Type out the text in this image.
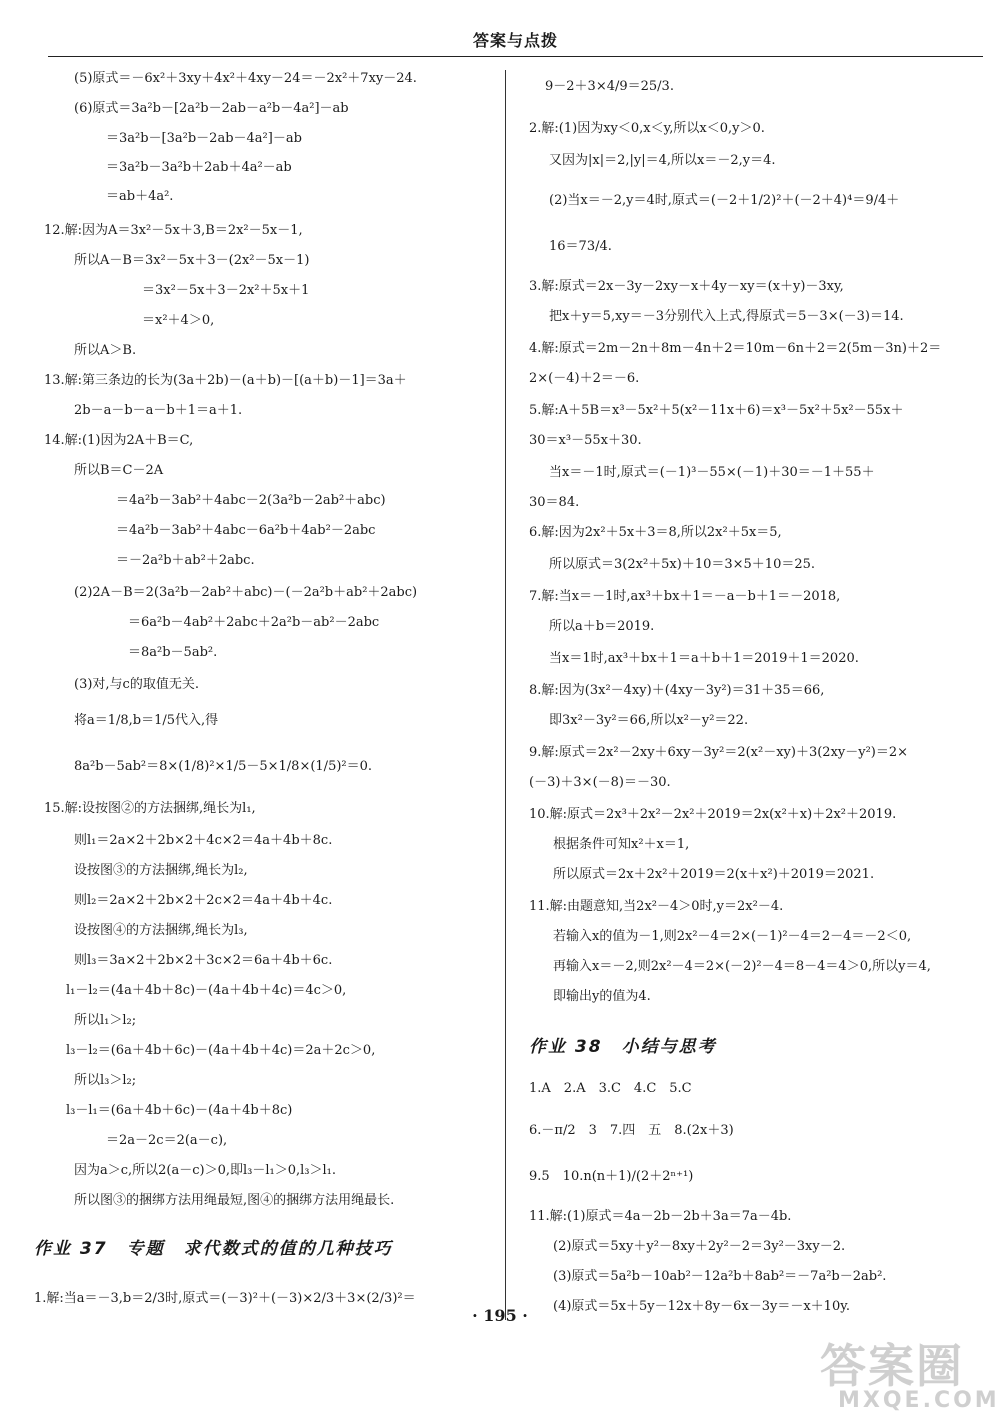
答案与点拨
(5)原式＝－6x²＋3xy＋4x²＋4xy－24＝－2x²＋7xy－24.
(6)原式＝3a²b－[2a²b－2ab－a²b－4a²]－ab
＝3a²b－[3a²b－2ab－4a²]－ab
＝3a²b－3a²b＋2ab＋4a²－ab
＝ab＋4a².
12.解:因为A＝3x²－5x＋3,B＝2x²－5x－1,
所以A－B＝3x²－5x＋3－(2x²－5x－1)
＝3x²－5x＋3－2x²＋5x＋1
＝x²＋4＞0,
所以A＞B.
13.解:第三条边的长为(3a＋2b)－(a＋b)－[(a＋b)－1]＝3a＋
2b－a－b－a－b＋1＝a＋1.
14.解:(1)因为2A＋B＝C,
所以B＝C－2A
＝4a²b－3ab²＋4abc－2(3a²b－2ab²＋abc)
＝4a²b－3ab²＋4abc－6a²b＋4ab²－2abc
＝－2a²b＋ab²＋2abc.
(2)2A－B＝2(3a²b－2ab²＋abc)－(－2a²b＋ab²＋2abc)
＝6a²b－4ab²＋2abc＋2a²b－ab²－2abc
＝8a²b－5ab².
(3)对,与c的取值无关.
将a＝1/8,b＝1/5代入,得
8a²b－5ab²＝8×(1/8)²×1/5－5×1/8×(1/5)²＝0.
15.解:设按图②的方法捆绑,绳长为l₁,
则l₁＝2a×2＋2b×2＋4c×2＝4a＋4b＋8c.
设按图③的方法捆绑,绳长为l₂,
则l₂＝2a×2＋2b×2＋2c×2＝4a＋4b＋4c.
设按图④的方法捆绑,绳长为l₃,
则l₃＝3a×2＋2b×2＋3c×2＝6a＋4b＋6c.
l₁－l₂＝(4a＋4b＋8c)－(4a＋4b＋4c)＝4c＞0,
所以l₁＞l₂;
l₃－l₂＝(6a＋4b＋6c)－(4a＋4b＋4c)＝2a＋2c＞0,
所以l₃＞l₂;
l₃－l₁＝(6a＋4b＋6c)－(4a＋4b＋8c)
＝2a－2c＝2(a－c),
因为a＞c,所以2(a－c)＞0,即l₃－l₁＞0,l₃＞l₁.
所以图③的捆绑方法用绳最短,图④的捆绑方法用绳最长.
作业 37　专题　求代数式的值的几种技巧
1.解:当a＝－3,b＝2/3时,原式＝(－3)²＋(－3)×2/3＋3×(2/3)²＝
9－2＋3×4/9＝25/3.
2.解:(1)因为xy＜0,x＜y,所以x＜0,y＞0.
又因为|x|＝2,|y|＝4,所以x＝－2,y＝4.
(2)当x＝－2,y＝4时,原式＝(－2＋1/2)²＋(－2＋4)⁴＝9/4＋
16＝73/4.
3.解:原式＝2x－3y－2xy－x＋4y－xy＝(x＋y)－3xy,
把x＋y＝5,xy＝－3分别代入上式,得原式＝5－3×(－3)＝14.
4.解:原式＝2m－2n＋8m－4n＋2＝10m－6n＋2＝2(5m－3n)＋2＝
2×(－4)＋2＝－6.
5.解:A＋5B＝x³－5x²＋5(x²－11x＋6)＝x³－5x²＋5x²－55x＋
30＝x³－55x＋30.
当x＝－1时,原式＝(－1)³－55×(－1)＋30＝－1＋55＋
30＝84.
6.解:因为2x²＋5x＋3＝8,所以2x²＋5x＝5,
所以原式＝3(2x²＋5x)＋10＝3×5＋10＝25.
7.解:当x＝－1时,ax³＋bx＋1＝－a－b＋1＝－2018,
所以a＋b＝2019.
当x＝1时,ax³＋bx＋1＝a＋b＋1＝2019＋1＝2020.
8.解:因为(3x²－4xy)＋(4xy－3y²)＝31＋35＝66,
即3x²－3y²＝66,所以x²－y²＝22.
9.解:原式＝2x²－2xy＋6xy－3y²＝2(x²－xy)＋3(2xy－y²)＝2×
(－3)＋3×(－8)＝－30.
10.解:原式＝2x³＋2x²－2x²＋2019＝2x(x²＋x)＋2x²＋2019.
根据条件可知x²＋x＝1,
所以原式＝2x＋2x²＋2019＝2(x＋x²)＋2019＝2021.
11.解:由题意知,当2x²－4＞0时,y＝2x²－4.
若输入x的值为－1,则2x²－4＝2×(－1)²－4＝2－4＝－2＜0,
再输入x＝－2,则2x²－4＝2×(－2)²－4＝8－4＝4＞0,所以y＝4,
即输出y的值为4.
作业 38　小结与思考
1.A　2.A　3.C　4.C　5.C
6.－π/2　3　7.四　五　8.(2x＋3)
9.5　10.n(n＋1)/(2＋2ⁿ⁺¹)
11.解:(1)原式＝4a－2b－2b＋3a＝7a－4b.
(2)原式＝5xy＋y²－8xy＋2y²－2＝3y²－3xy－2.
(3)原式＝5a²b－10ab²－12a²b＋8ab²＝－7a²b－2ab².
(4)原式＝5x＋5y－12x＋8y－6x－3y＝－x＋10y.
· 195 ·
答案圈
MXQE.COM
